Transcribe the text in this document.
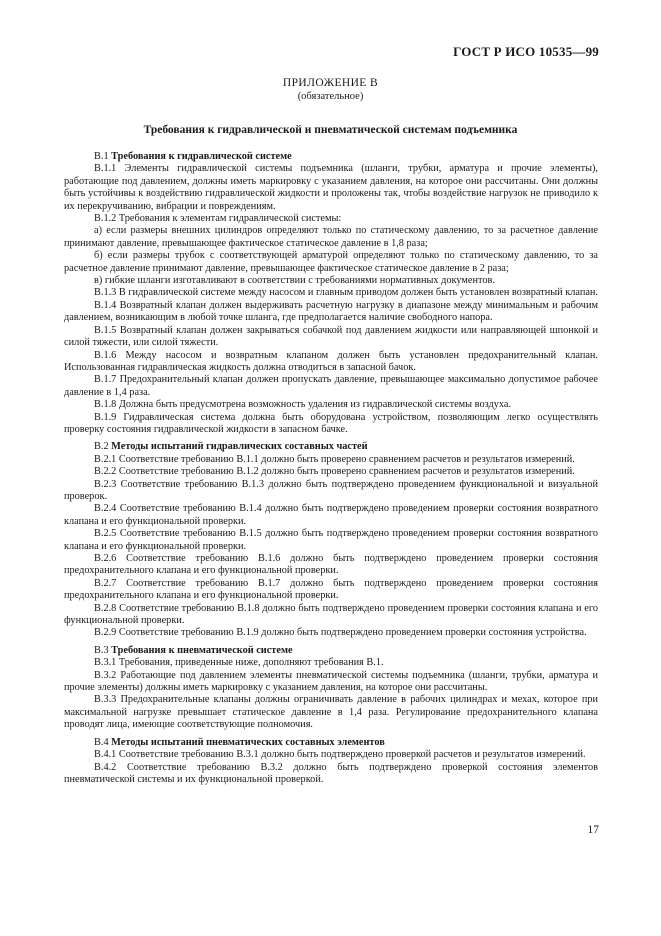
ГОСТ Р ИСО 10535—99
ПРИЛОЖЕНИЕ В
(обязательное)
Требования к гидравлической и пневматической системам подъемника

В.1 Требования к гидравлической системе

В.1.1 Элементы гидравлической системы подъемника (шланги, трубки, арматура и прочие элементы), работающие под давлением, должны иметь маркировку с указанием давления, на которое они рассчитаны. Они должны быть устойчивы к воздействию гидравлической жидкости и проложены так, чтобы воздействие нагрузок не приводило к их перекручиванию, вибрации и повреждениям.

В.1.2 Требования к элементам гидравлической системы:

а) если размеры внешних цилиндров определяют только по статическому давлению, то за расчетное давление принимают давление, превышающее фактическое статическое давление в 1,8 раза;

б) если размеры трубок с соответствующей арматурой определяют только по статическому давлению, то за расчетное давление принимают давление, превышающее фактическое статическое давление в 2 раза;

в) гибкие шланги изготавливают в соответствии с требованиями нормативных документов.

В.1.3 В гидравлической системе между насосом и главным приводом должен быть установлен возвратный клапан.

В.1.4 Возвратный клапан должен выдерживать расчетную нагрузку в диапазоне между минимальным и рабочим давлением, возникающим в любой точке шланга, где предполагается наличие свободного напора.

В.1.5 Возвратный клапан должен закрываться собачкой под давлением жидкости или направляющей шпонкой и силой тяжести, или силой тяжести.

В.1.6 Между насосом и возвратным клапаном должен быть установлен предохранительный клапан. Использованная гидравлическая жидкость должна отводиться в запасной бачок.

В.1.7 Предохранительный клапан должен пропускать давление, превышающее максимально допустимое рабочее давление в 1,4 раза.

В.1.8 Должна быть предусмотрена возможность удаления из гидравлической системы воздуха.

В.1.9 Гидравлическая система должна быть оборудована устройством, позволяющим легко осуществлять проверку состояния гидравлической жидкости в запасном бачке.

В.2 Методы испытаний гидравлических составных частей

В.2.1 Соответствие требованию В.1.1 должно быть проверено сравнением расчетов и результатов измерений.

В.2.2 Соответствие требованию В.1.2 должно быть проверено сравнением расчетов и результатов измерений.

В.2.3 Соответствие требованию В.1.3 должно быть подтверждено проведением функциональной и визуальной проверок.

В.2.4 Соответствие требованию В.1.4 должно быть подтверждено проведением проверки состояния возвратного клапана и его функциональной проверки.

В.2.5 Соответствие требованию В.1.5 должно быть подтверждено проведением проверки состояния возвратного клапана и его функциональной проверки.

В.2.6 Соответствие требованию В.1.6 должно быть подтверждено проведением проверки состояния предохранительного клапана и его функциональной проверки.

В.2.7 Соответствие требованию В.1.7 должно быть подтверждено проведением проверки состояния предохранительного клапана и его функциональной проверки.

В.2.8 Соответствие требованию В.1.8 должно быть подтверждено проведением проверки состояния клапана и его функциональной проверки.

В.2.9 Соответствие требованию В.1.9 должно быть подтверждено проведением проверки состояния устройства.

В.3 Требования к пневматической системе

В.3.1 Требования, приведенные ниже, дополняют требования В.1.

В.3.2 Работающие под давлением элементы пневматической системы подъемника (шланги, трубки, арматура и прочие элементы) должны иметь маркировку с указанием давления, на которое они рассчитаны.

В.3.3 Предохранительные клапаны должны ограничивать давление в рабочих цилиндрах и мехах, которое при максимальной нагрузке превышает статическое давление в 1,4 раза. Регулирование предохранительного клапана проводят лица, имеющие соответствующие полномочия.

В.4 Методы испытаний пневматических составных элементов

В.4.1 Соответствие требованию В.3.1 должно быть подтверждено проверкой расчетов и результатов измерений.

В.4.2 Соответствие требованию В.3.2 должно быть подтверждено проверкой состояния элементов пневматической системы и их функциональной проверкой.

17
